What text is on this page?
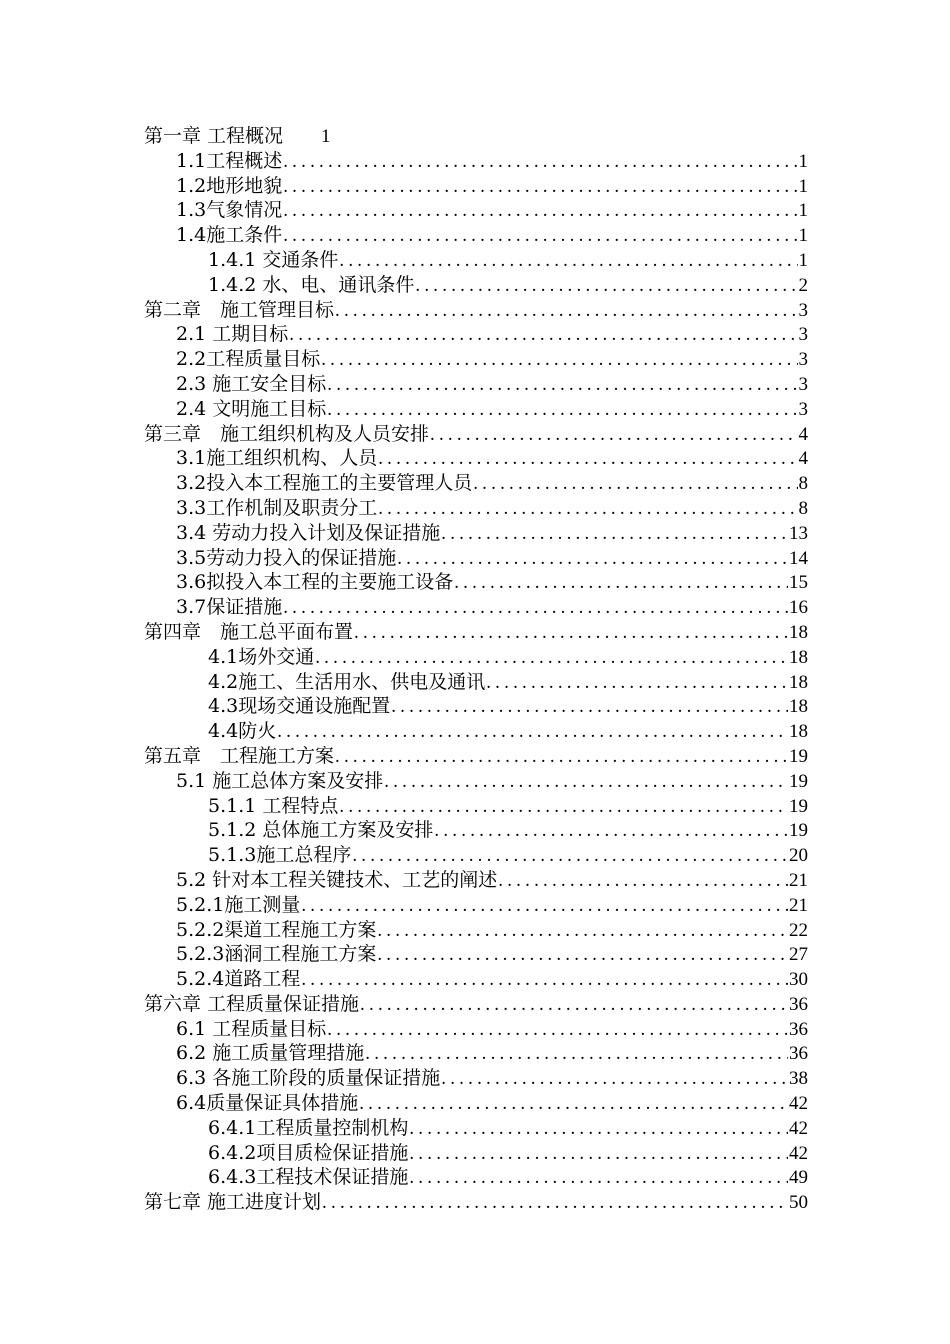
第一章 工程概况 1
1.1工程概述 .....	1
1.2地形地貌 .....	1
1.3气象情况 .....	1
1.4施工条件 .....	1
1.4.1 交通条件 .....	1
1.4.2 水、电、通讯条件 .....	2
第二章　施工管理目标 .....	3
2.1 工期目标 .....	3
2.2工程质量目标 .....	3
2.3 施工安全目标 .....	3
2.4 文明施工目标 .....	3
第三章　施工组织机构及人员安排 .....	4
3.1施工组织机构、人员 .....	4
3.2投入本工程施工的主要管理人员 .....	8
3.3工作机制及职责分工 .....	8
3.4 劳动力投入计划及保证措施 .....	13
3.5劳动力投入的保证措施 .....	14
3.6拟投入本工程的主要施工设备 .....	15
3.7保证措施 .....	16
第四章　施工总平面布置 .....	18
4.1场外交通 .....	18
4.2施工、生活用水、供电及通讯 .....	18
4.3现场交通设施配置 .....	18
4.4防火 .....	18
第五章　工程施工方案 .....	19
5.1 施工总体方案及安排 .....	19
5.1.1 工程特点 .....	19
5.1.2 总体施工方案及安排 .....	19
5.1.3施工总程序 .....	20
5.2 针对本工程关键技术、工艺的阐述 .....	21
5.2.1施工测量 .....	21
5.2.2渠道工程施工方案 .....	22
5.2.3涵洞工程施工方案 .....	27
5.2.4道路工程 .....	30
第六章 工程质量保证措施 .....	36
6.1 工程质量目标 .....	36
6.2 施工质量管理措施 .....	36
6.3 各施工阶段的质量保证措施 .....	38
6.4质量保证具体措施 .....	42
6.4.1工程质量控制机构 .....	42
6.4.2项目质检保证措施 .....	42
6.4.3工程技术保证措施 .....	49
第七章 施工进度计划 .....	50
